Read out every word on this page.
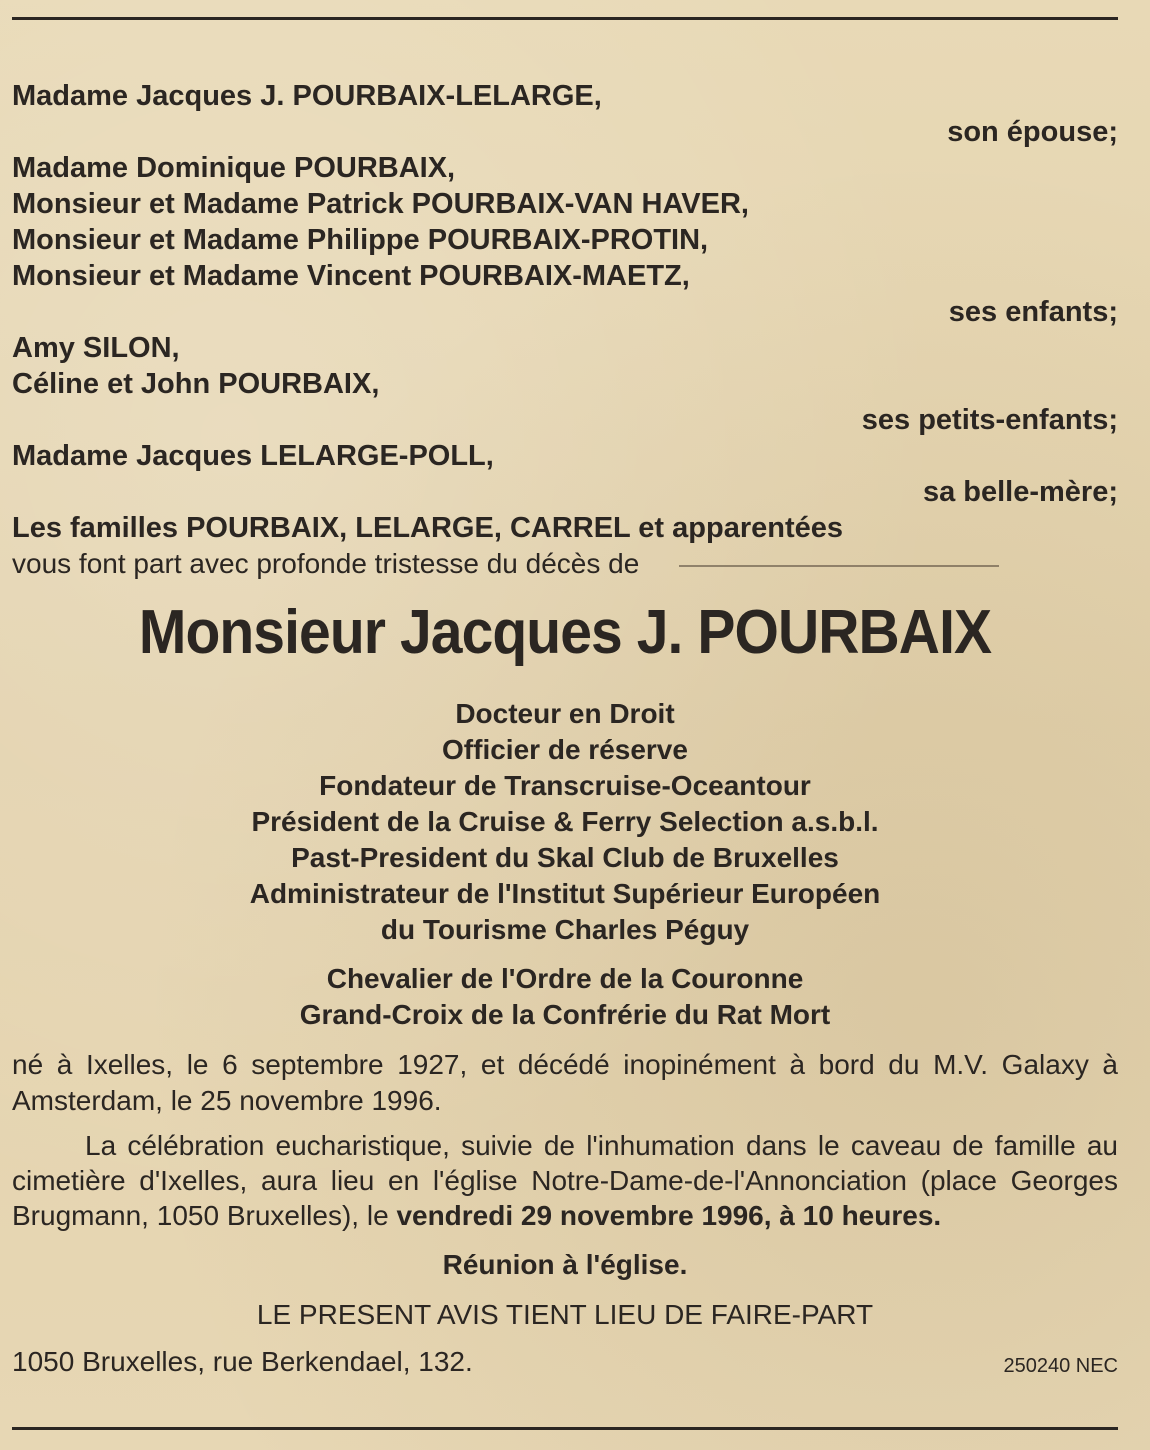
Madame Jacques J. POURBAIX-LELARGE,
son épouse;
Madame Dominique POURBAIX,
Monsieur et Madame Patrick POURBAIX-VAN HAVER,
Monsieur et Madame Philippe POURBAIX-PROTIN,
Monsieur et Madame Vincent POURBAIX-MAETZ,
ses enfants;
Amy SILON,
Céline et John POURBAIX,
ses petits-enfants;
Madame Jacques LELARGE-POLL,
sa belle-mère;
Les familles POURBAIX, LELARGE, CARREL et apparentées
vous font part avec profonde tristesse du décès de
Monsieur Jacques J. POURBAIX
Docteur en Droit
Officier de réserve
Fondateur de Transcruise-Oceantour
Président de la Cruise & Ferry Selection a.s.b.l.
Past-President du Skal Club de Bruxelles
Administrateur de l'Institut Supérieur Européen
du Tourisme Charles Péguy
Chevalier de l'Ordre de la Couronne
Grand-Croix de la Confrérie du Rat Mort
né à Ixelles, le 6 septembre 1927, et décédé inopinément à bord du M.V. Galaxy à Amsterdam, le 25 novembre 1996.
La célébration eucharistique, suivie de l'inhumation dans le caveau de famille au cimetière d'Ixelles, aura lieu en l'église Notre-Dame-de-l'Annonciation (place Georges Brugmann, 1050 Bruxelles), le vendredi 29 novembre 1996, à 10 heures.
Réunion à l'église.
LE PRESENT AVIS TIENT LIEU DE FAIRE-PART
1050 Bruxelles, rue Berkendael, 132.	250240 NEC
